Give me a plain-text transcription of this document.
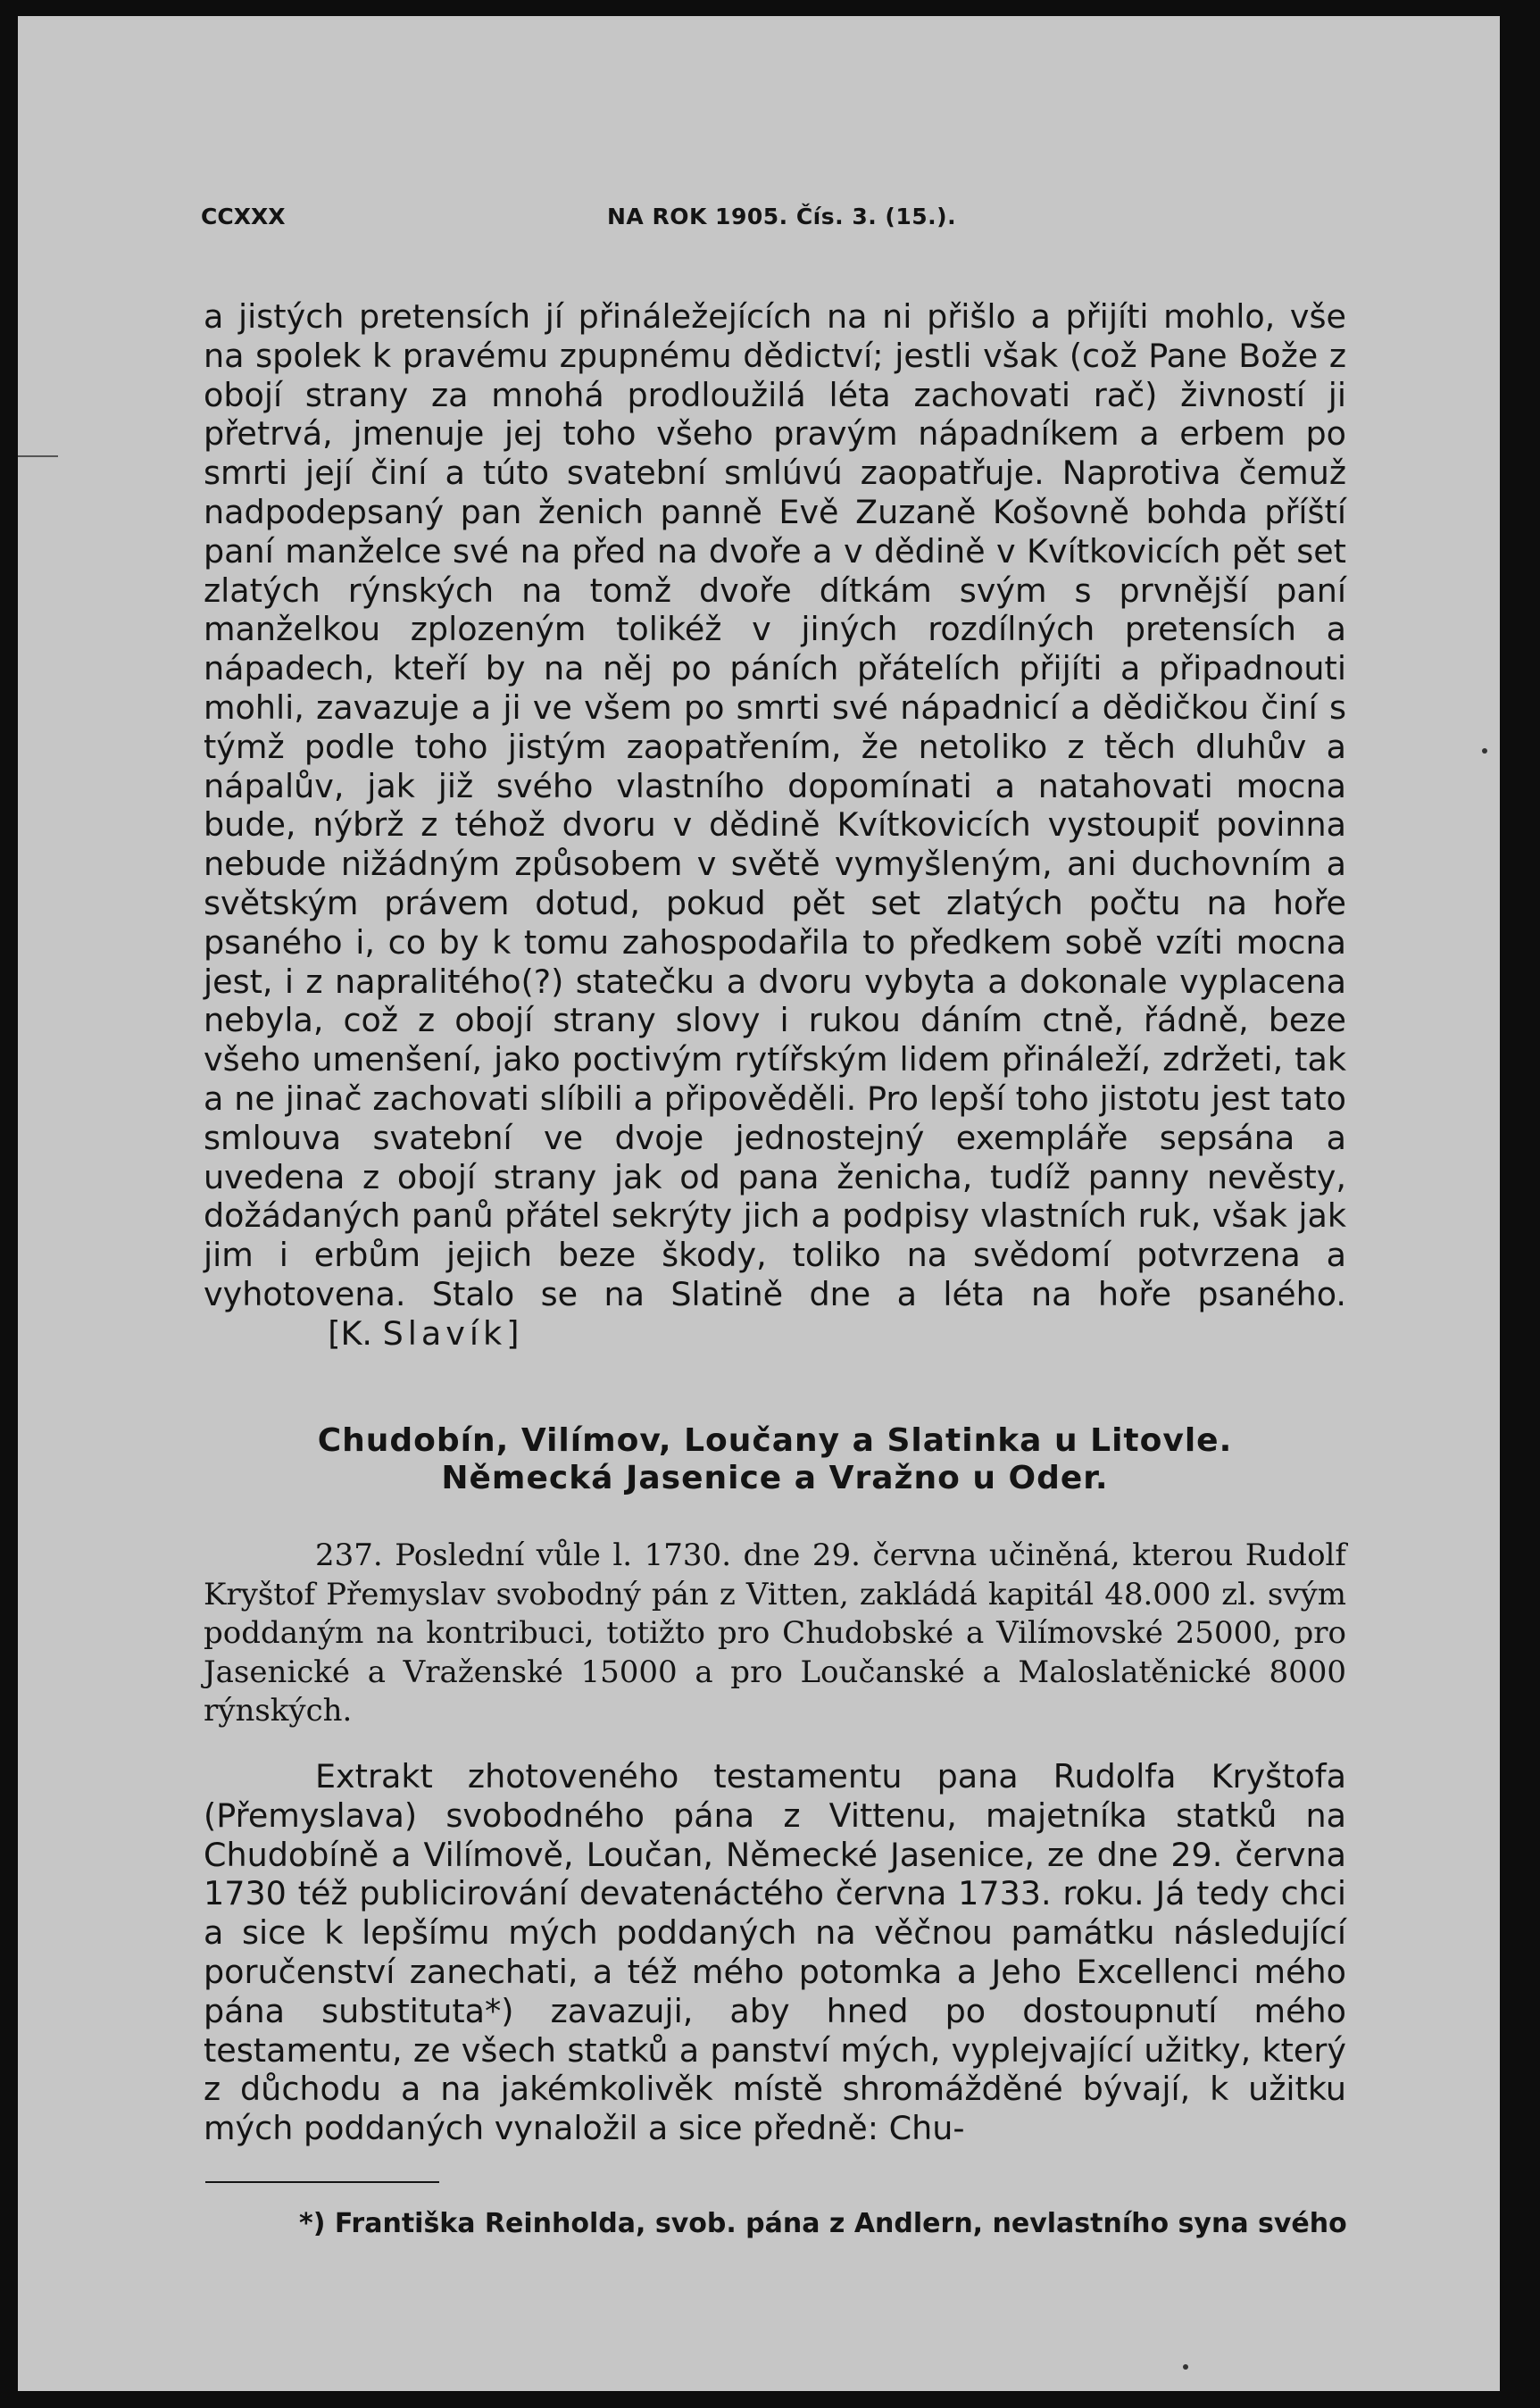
CCXXX	NA ROK 1905. Čís. 3. (15.).

a jistých pretensích jí přináležejících na ni přišlo a přijíti mohlo, vše na spolek k pravému zpupnému dědictví; jestli však (což Pane Bože z obojí strany za mnohá prodloužilá léta zachovati rač) živností ji přetrvá, jmenuje jej toho všeho pravým nápadníkem a erbem po smrti její činí a túto svatební smlúvú zaopatřuje. Naprotiva čemuž nadpodepsaný pan ženich panně Evě Zuzaně Košovně bohda příští paní manželce své na před na dvoře a v dědině v Kvítkovicích pět set zlatých rýnských na tomž dvoře dítkám svým s prvnější paní manželkou zplozeným tolikéž v jiných rozdílných pretensích a nápadech, kteří by na něj po páních přátelích přijíti a připadnouti mohli, zavazuje a ji ve všem po smrti své nápadnicí a dědičkou činí s týmž podle toho jistým zaopatřením, že netoliko z těch dluhův a nápalův, jak již svého vlastního dopomínati a natahovati mocna bude, nýbrž z téhož dvoru v dědině Kvítkovicích vystoupiť povinna nebude nižádným způsobem v světě vymyšleným, ani duchovním a světským právem dotud, pokud pět set zlatých počtu na hoře psaného i, co by k tomu zahospodařila to předkem sobě vzíti mocna jest, i z napralitého(?) statečku a dvoru vybyta a dokonale vyplacena nebyla, což z obojí strany slovy i rukou dáním ctně, řádně, beze všeho umenšení, jako poctivým rytířským lidem přináleží, zdržeti, tak a ne jinač zachovati slíbili a připověděli. Pro lepší toho jistotu jest tato smlouva svatební ve dvoje jednostejný exempláře sepsána a uvedena z obojí strany jak od pana ženicha, tudíž panny nevěsty, dožádaných panů přátel sekrýty jich a podpisy vlastních ruk, však jak jim i erbům jejich beze škody, toliko na svědomí potvrzena a vyhotovena. Stalo se na Slatině dne a léta na hoře psaného.             [K. Slavík]

Chudobín, Vilímov, Loučany a Slatinka u Litovle.
Německá Jasenice a Vražno u Oder.
237. Poslední vůle l. 1730. dne 29. června učiněná, kterou Rudolf Kryštof Přemyslav svobodný pán z Vitten, zakládá kapitál 48.000 zl. svým poddaným na kontribuci, totižto pro Chudobské a Vilímovské 25000, pro Jasenické a Vraženské 15000 a pro Loučanské a Maloslatěnické 8000 rýnských.
Extrakt zhotoveného testamentu pana Rudolfa Kryštofa (Přemyslava) svobodného pána z Vittenu, majetníka statků na Chudobíně a Vilímově, Loučan, Německé Jasenice, ze dne 29. června 1730 též publicirování devatenáctého června 1733. roku. Já tedy chci a sice k lepšímu mých poddaných na věčnou památku následující poručenství zanechati, a též mého potomka a Jeho Excellenci mého pána substituta*) zavazuji, aby hned po dostoupnutí mého testamentu, ze všech statků a panství mých, vyplejvající užitky, který z důchodu a na jakémkolivěk místě shromážděné bývají, k užitku mých poddaných vynaložil a sice předně: Chu-
*) Františka Reinholda, svob. pána z Andlern, nevlastního syna svého
